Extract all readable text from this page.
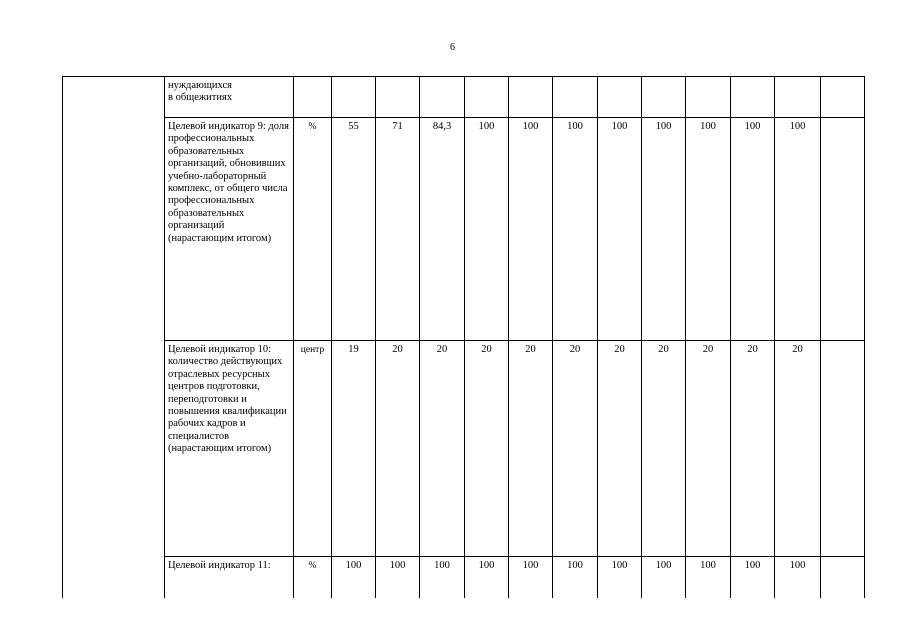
6
	нуждающихся
в общежитиях													
	Целевой индикатор 9: доля профессиональных образовательных организаций, обновивших учебно-лабораторный комплекс, от общего числа профессиональных образовательных организаций (нарастающим итогом)	%	55	71	84,3	100	100	100	100	100	100	100	100	
	Целевой индикатор 10: количество действующих отраслевых ресурсных центров подготовки, переподготовки и повышения квалификации рабочих кадров и специалистов (нарастающим итогом)	центр	19	20	20	20	20	20	20	20	20	20	20	
	Целевой индикатор 11:	%	100	100	100	100	100	100	100	100	100	100	100	
